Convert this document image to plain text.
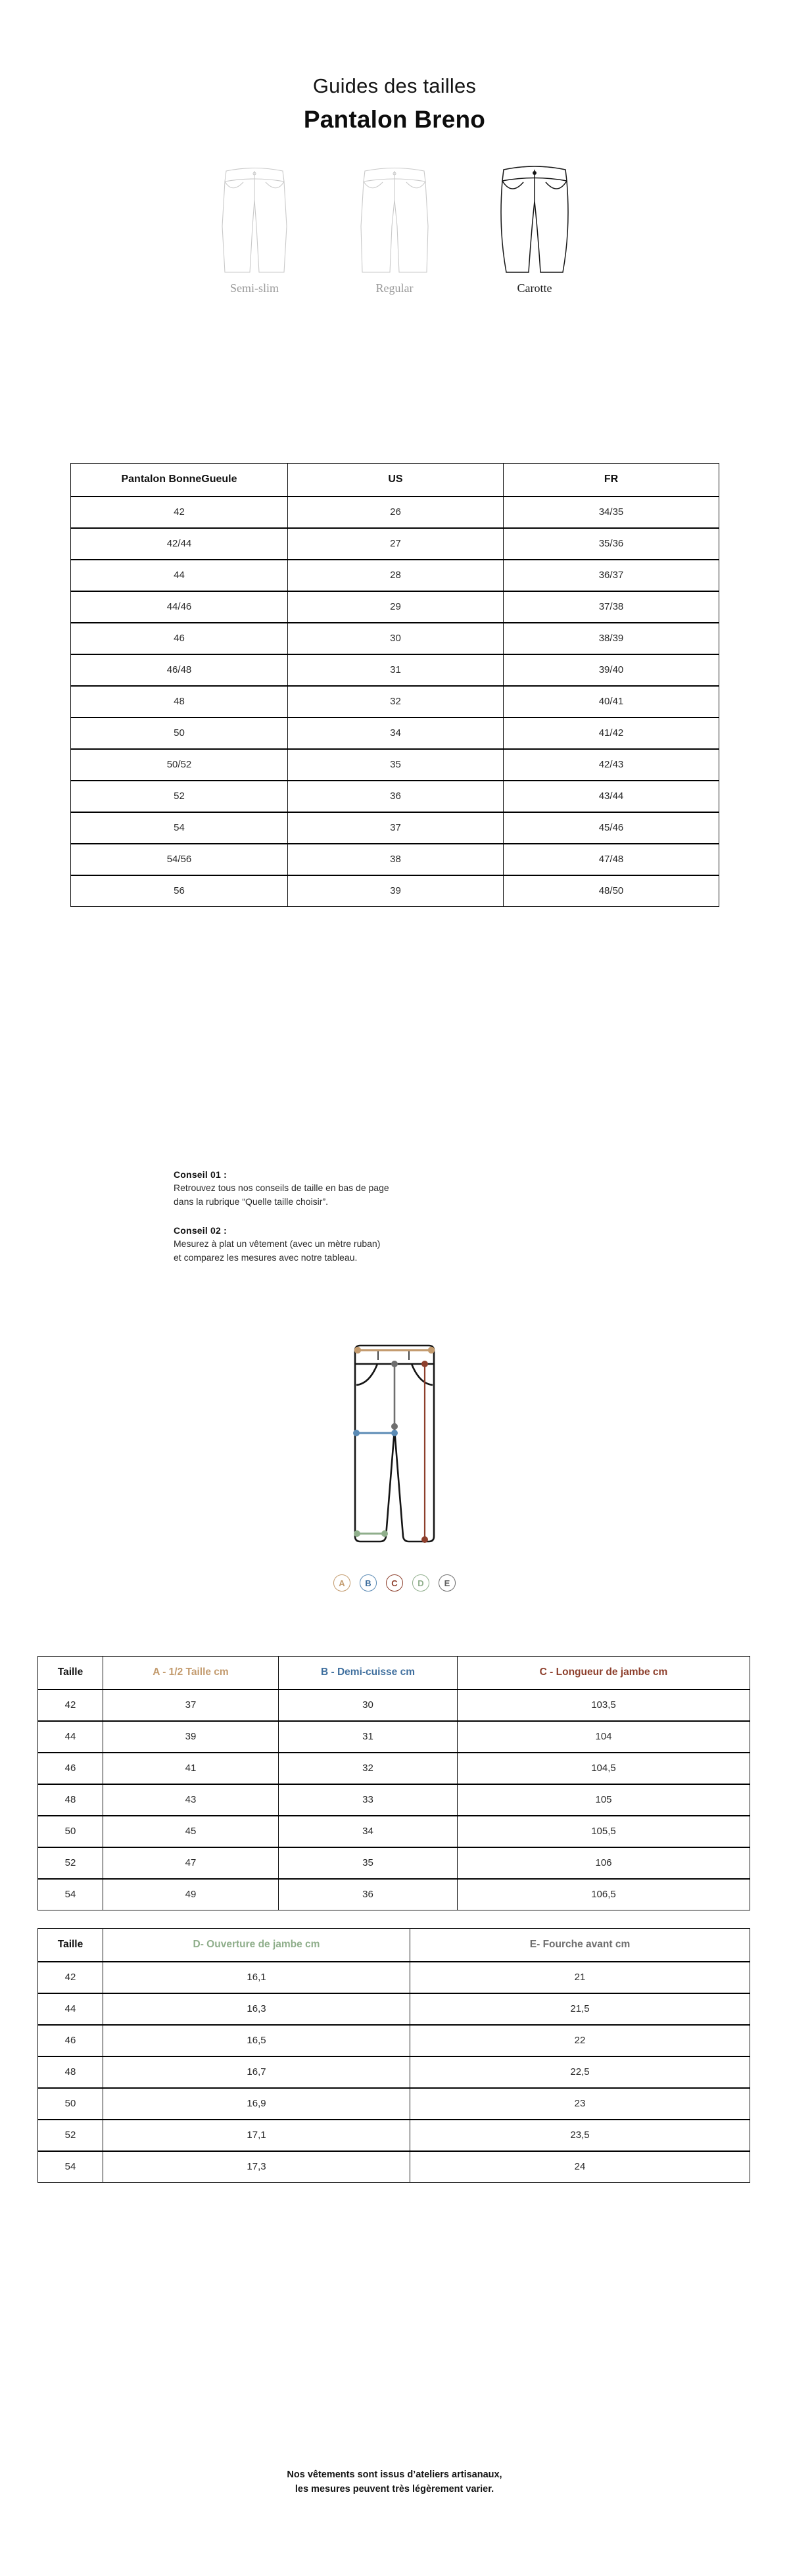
Guides des tailles
Pantalon Breno
Semi-slim	Regular	Carotte
Pantalon BonneGueule	US	FR
42	26	34/35
42/44	27	35/36
44	28	36/37
44/46	29	37/38
46	30	38/39
46/48	31	39/40
48	32	40/41
50	34	41/42
50/52	35	42/43
52	36	43/44
54	37	45/46
54/56	38	47/48
56	39	48/50
Conseil 01 :
Retrouvez tous nos conseils de taille en bas de page
dans la rubrique “Quelle taille choisir”.
Conseil 02 :
Mesurez à plat un vêtement (avec un mètre ruban)
et comparez les mesures avec notre tableau.
A	B	C	D	E
Taille	A - 1/2 Taille cm	B - Demi-cuisse cm	C - Longueur de jambe cm
42	37	30	103,5
44	39	31	104
46	41	32	104,5
48	43	33	105
50	45	34	105,5
52	47	35	106
54	49	36	106,5
Taille	D- Ouverture de jambe cm	E- Fourche avant cm
42	16,1	21
44	16,3	21,5
46	16,5	22
48	16,7	22,5
50	16,9	23
52	17,1	23,5
54	17,3	24
Nos vêtements sont issus d’ateliers artisanaux,
les mesures peuvent très légèrement varier.
